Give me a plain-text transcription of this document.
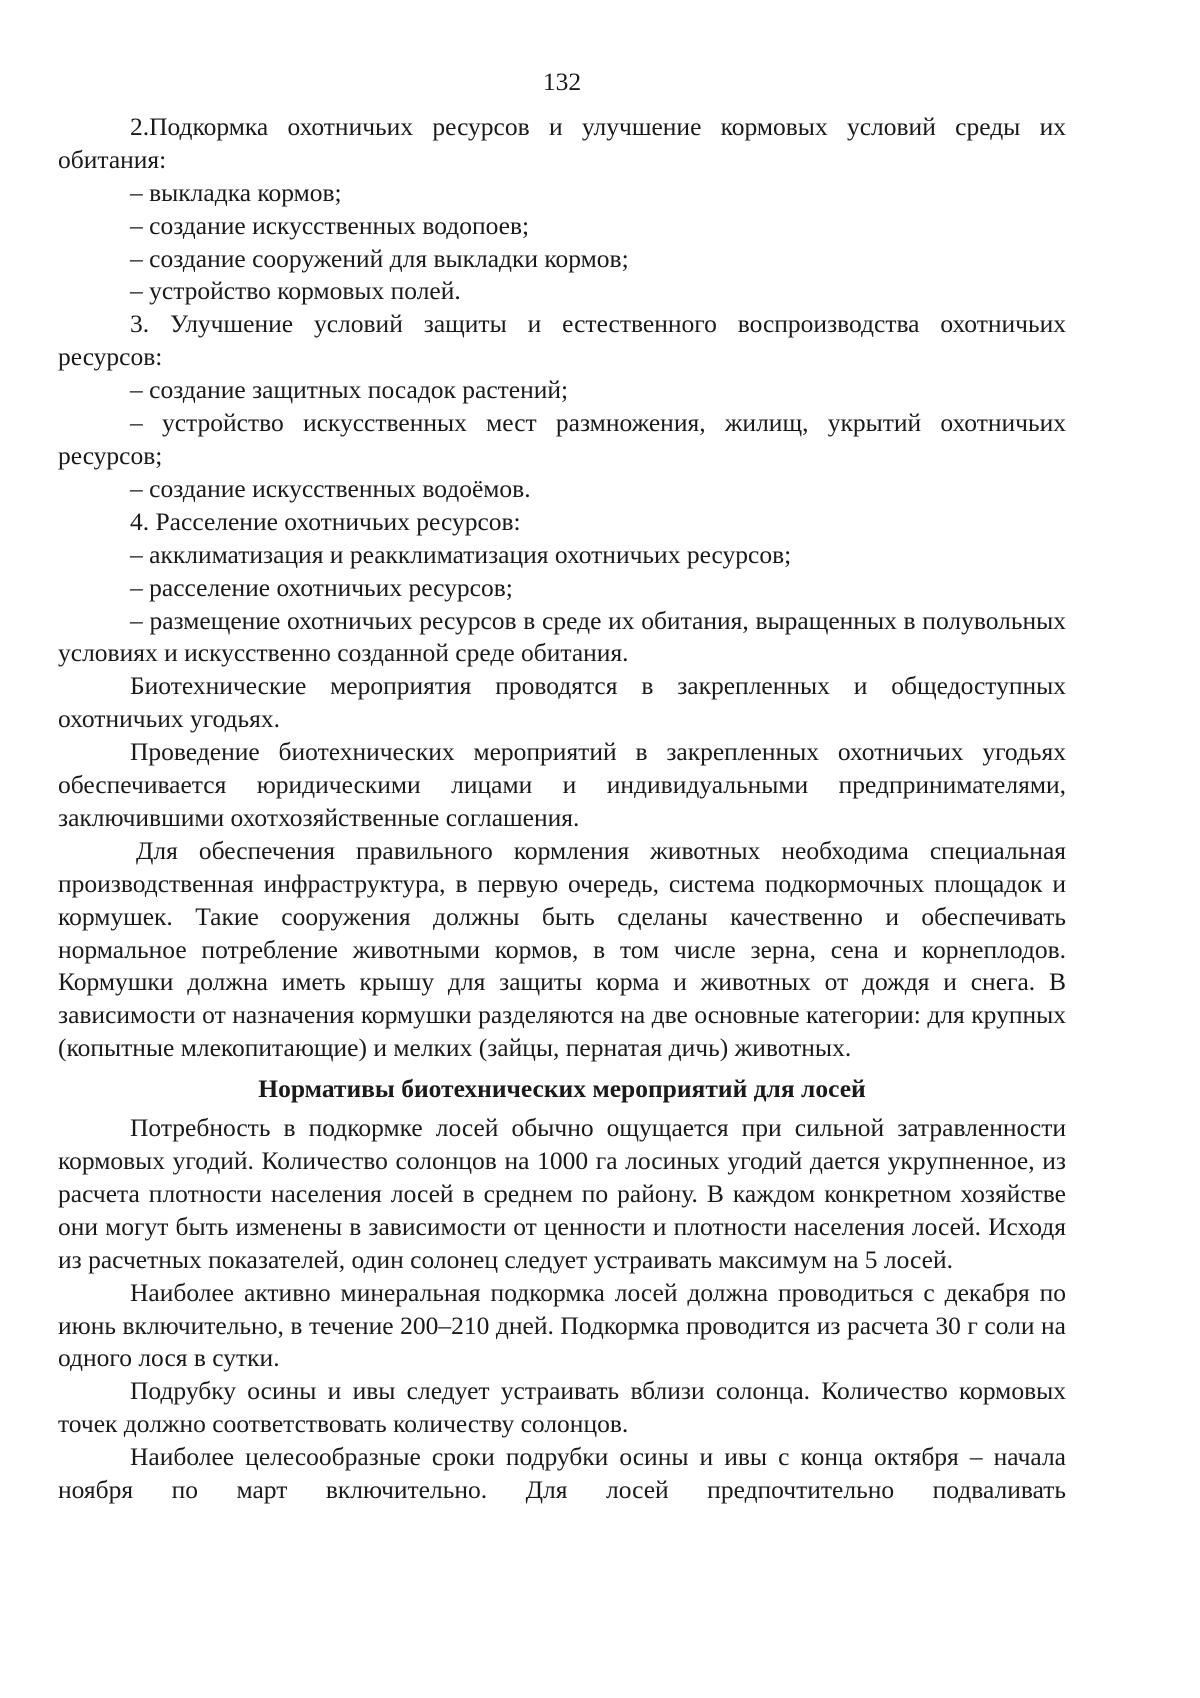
132

2.Подкормка охотничьих ресурсов и улучшение кормовых условий среды их обитания:

– выкладка кормов;

– создание искусственных водопоев;

– создание сооружений для выкладки кормов;

– устройство кормовых полей.

3. Улучшение условий защиты и естественного воспроизводства охотничьих ресурсов:

– создание защитных посадок растений;

– устройство искусственных мест размножения, жилищ, укрытий охотничьих ресурсов;

– создание искусственных водоёмов.

4. Расселение охотничьих ресурсов:

– акклиматизация и реакклиматизация охотничьих ресурсов;

– расселение охотничьих ресурсов;

– размещение охотничьих ресурсов в среде их обитания, выращенных в полувольных условиях и искусственно созданной среде обитания.

Биотехнические мероприятия проводятся в закрепленных и общедоступных охотничьих угодьях.

Проведение биотехнических мероприятий в закрепленных охотничьих угодьях обеспечивается юридическими лицами и индивидуальными предпринимателями, заключившими охотхозяйственные соглашения.

Для обеспечения правильного кормления животных необходима специальная производственная инфраструктура, в первую очередь, система подкормочных площадок и кормушек. Такие сооружения должны быть сделаны качественно и обеспечивать нормальное потребление животными кормов, в том числе зерна, сена и корнеплодов. Кормушки должна иметь крышу для защиты корма и животных от дождя и снега. В зависимости от назначения кормушки разделяются на две основные категории: для крупных (копытные млекопитающие) и мелких (зайцы, пернатая дичь) животных.

Нормативы биотехнических мероприятий для лосей

Потребность в подкормке лосей обычно ощущается при сильной затравленности кормовых угодий. Количество солонцов на 1000 га лосиных угодий дается укрупненное, из расчета плотности населения лосей в среднем по району. В каждом конкретном хозяйстве они могут быть изменены в зависимости от ценности и плотности населения лосей. Исходя из расчетных показателей, один солонец следует устраивать максимум на 5 лосей.

Наиболее активно минеральная подкормка лосей должна проводиться с декабря по июнь включительно, в течение 200–210 дней. Подкормка проводится из расчета 30 г соли на одного лося в сутки.

Подрубку осины и ивы следует устраивать вблизи солонца. Количество кормовых точек должно соответствовать количеству солонцов.

Наиболее целесообразные сроки подрубки осины и ивы с конца октября – начала ноября по март включительно. Для лосей предпочтительно подваливать
